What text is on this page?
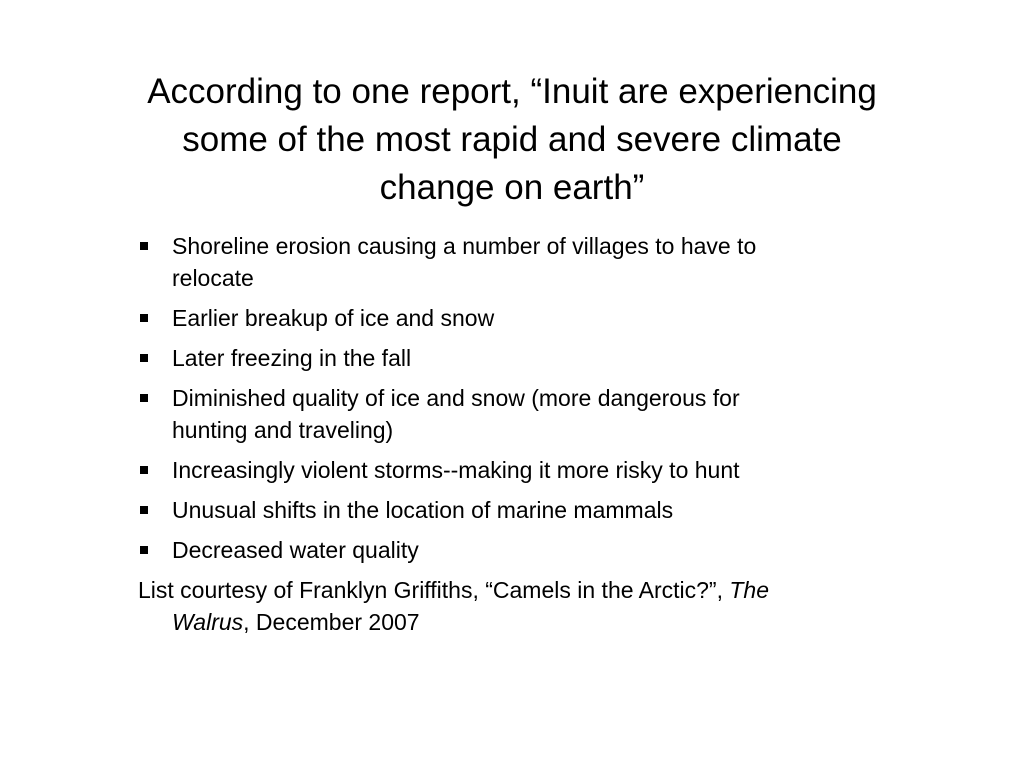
According to one report, “Inuit are experiencing
some of the most rapid and severe climate
change on earth”
Shoreline erosion causing a number of villages to have to
relocate
Earlier breakup of ice and snow
Later freezing in the fall
Diminished quality of ice and snow (more dangerous for
hunting and traveling)
Increasingly violent storms--making it more risky to hunt
Unusual shifts in the location of marine mammals
Decreased water quality
List courtesy of Franklyn Griffiths, “Camels in the Arctic?”, The
Walrus, December 2007
